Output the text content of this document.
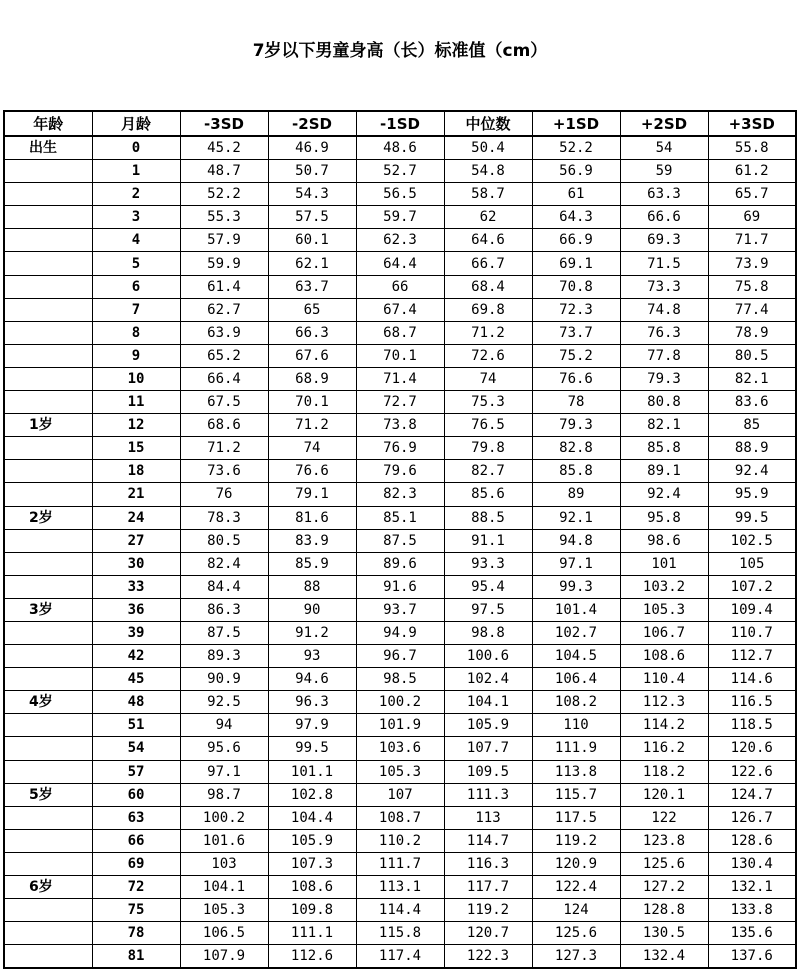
7岁以下男童身高（长）标准值（cm）
年龄	月龄	-3SD	-2SD	-1SD	中位数	+1SD	+2SD	+3SD
出生	0	45.2	46.9	48.6	50.4	52.2	54	55.8
	1	48.7	50.7	52.7	54.8	56.9	59	61.2
	2	52.2	54.3	56.5	58.7	61	63.3	65.7
	3	55.3	57.5	59.7	62	64.3	66.6	69
	4	57.9	60.1	62.3	64.6	66.9	69.3	71.7
	5	59.9	62.1	64.4	66.7	69.1	71.5	73.9
	6	61.4	63.7	66	68.4	70.8	73.3	75.8
	7	62.7	65	67.4	69.8	72.3	74.8	77.4
	8	63.9	66.3	68.7	71.2	73.7	76.3	78.9
	9	65.2	67.6	70.1	72.6	75.2	77.8	80.5
	10	66.4	68.9	71.4	74	76.6	79.3	82.1
	11	67.5	70.1	72.7	75.3	78	80.8	83.6
1岁	12	68.6	71.2	73.8	76.5	79.3	82.1	85
	15	71.2	74	76.9	79.8	82.8	85.8	88.9
	18	73.6	76.6	79.6	82.7	85.8	89.1	92.4
	21	76	79.1	82.3	85.6	89	92.4	95.9
2岁	24	78.3	81.6	85.1	88.5	92.1	95.8	99.5
	27	80.5	83.9	87.5	91.1	94.8	98.6	102.5
	30	82.4	85.9	89.6	93.3	97.1	101	105
	33	84.4	88	91.6	95.4	99.3	103.2	107.2
3岁	36	86.3	90	93.7	97.5	101.4	105.3	109.4
	39	87.5	91.2	94.9	98.8	102.7	106.7	110.7
	42	89.3	93	96.7	100.6	104.5	108.6	112.7
	45	90.9	94.6	98.5	102.4	106.4	110.4	114.6
4岁	48	92.5	96.3	100.2	104.1	108.2	112.3	116.5
	51	94	97.9	101.9	105.9	110	114.2	118.5
	54	95.6	99.5	103.6	107.7	111.9	116.2	120.6
	57	97.1	101.1	105.3	109.5	113.8	118.2	122.6
5岁	60	98.7	102.8	107	111.3	115.7	120.1	124.7
	63	100.2	104.4	108.7	113	117.5	122	126.7
	66	101.6	105.9	110.2	114.7	119.2	123.8	128.6
	69	103	107.3	111.7	116.3	120.9	125.6	130.4
6岁	72	104.1	108.6	113.1	117.7	122.4	127.2	132.1
	75	105.3	109.8	114.4	119.2	124	128.8	133.8
	78	106.5	111.1	115.8	120.7	125.6	130.5	135.6
	81	107.9	112.6	117.4	122.3	127.3	132.4	137.6
